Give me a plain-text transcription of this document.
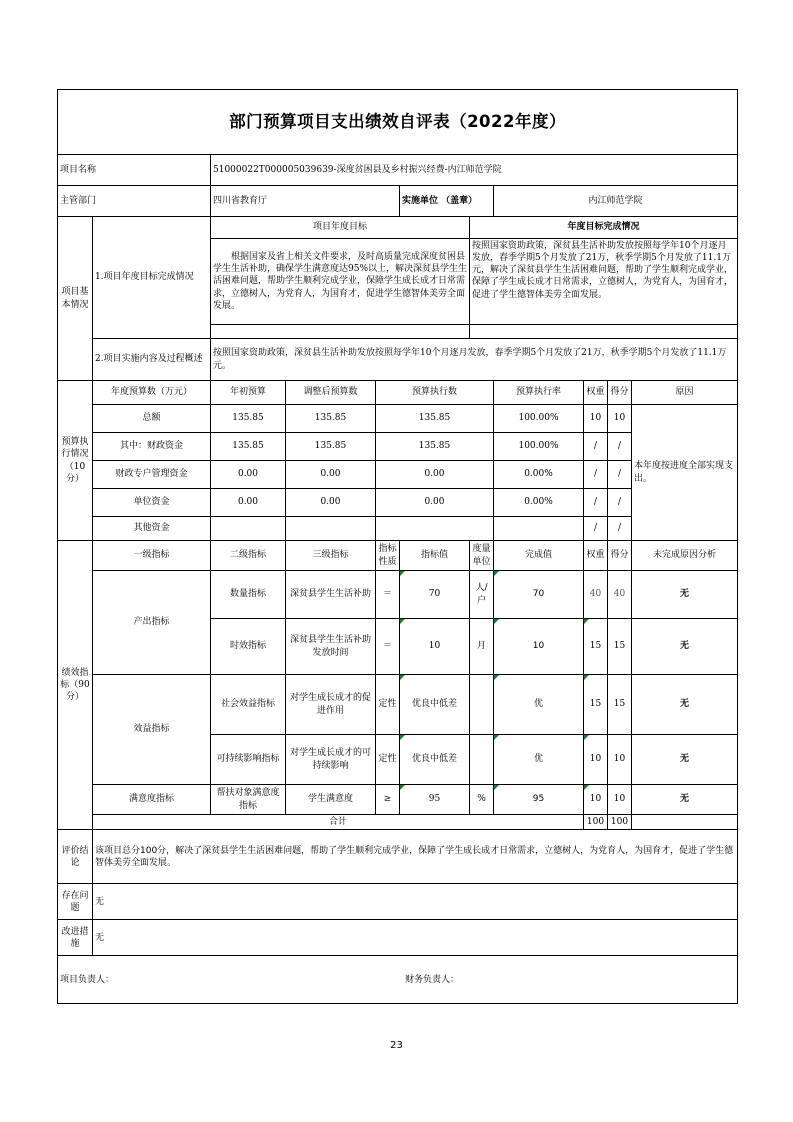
部门预算项目支出绩效自评表（2022年度）										
项目名称		51000022T000005039639-深度贫困县及乡村振兴经费-内江师范学院								
主管部门		四川省教育厅			实施单位 （盖章）		内江师范学院			
项目基本情况	1.项目年度目标完成情况	项目年度目标				年度目标完成情况				
		根据国家及省上相关文件要求，及时高质量完成深度贫困县学生生活补助，确保学生满意度达95%以上，解决深贫县学生生活困难问题，帮助学生顺利完成学业，保障学生成长成才日常需求，立德树人，为党育人，为国育才，促进学生德智体美劳全面发展。				按照国家资助政策，深贫县生活补助发放按照每学年10个月逐月发放，春季学期5个月发放了21万，秋季学期5个月发放了11.1万元，解决了深贫县学生生活困难问题，帮助了学生顺利完成学业，保障了学生成长成才日常需求，立德树人，为党育人，为国育才，促进了学生德智体美劳全面发展。				

	2.项目实施内容及过程概述	按照国家资助政策，深贫县生活补助发放按照每学年10个月逐月发放，春季学期5个月发放了21万，秋季学期5个月发放了11.1万元。								
预算执行情况（10分）	年度预算数（万元）	年初预算	调整后预算数	预算执行数			预算执行率	权重	得分	原因
	总额	135.85	135.85	135.85			100.00%	10	10	本年度按进度全部实现支出。
	其中：财政资金	135.85	135.85	135.85			100.00%	/	/	
	财政专户管理资金	0.00	0.00	0.00			0.00%	/	/	
	单位资金	0.00	0.00	0.00			0.00%	/	/	
	其他资金							/	/	
绩效指标（90分）	一级指标	二级指标	三级指标	指标性质	指标值	度量单位	完成值	权重	得分	未完成原因分析
	产出指标	数量指标	深贫县学生生活补助	＝	70	人/户	70	40	40	无
		时效指标	深贫县学生生活补助发放时间	＝	10	月	10	15	15	无
	效益指标	社会效益指标	对学生成长成才的促进作用	定性	优良中低差		优	15	15	无
		可持续影响指标	对学生成长成才的可持续影响	定性	优良中低差		优	10	10	无
	满意度指标	帮扶对象满意度指标	学生满意度	≥	95	%	95	10	10	无
	合计							100	100	
评价结论	该项目总分100分，解决了深贫县学生生活困难问题，帮助了学生顺利完成学业，保障了学生成长成才日常需求，立德树人，为党育人，为国育才，促进了学生德智体美劳全面发展。									
存在问题	无									
改进措施	无									

项目负责人： 财务负责人：										
23
